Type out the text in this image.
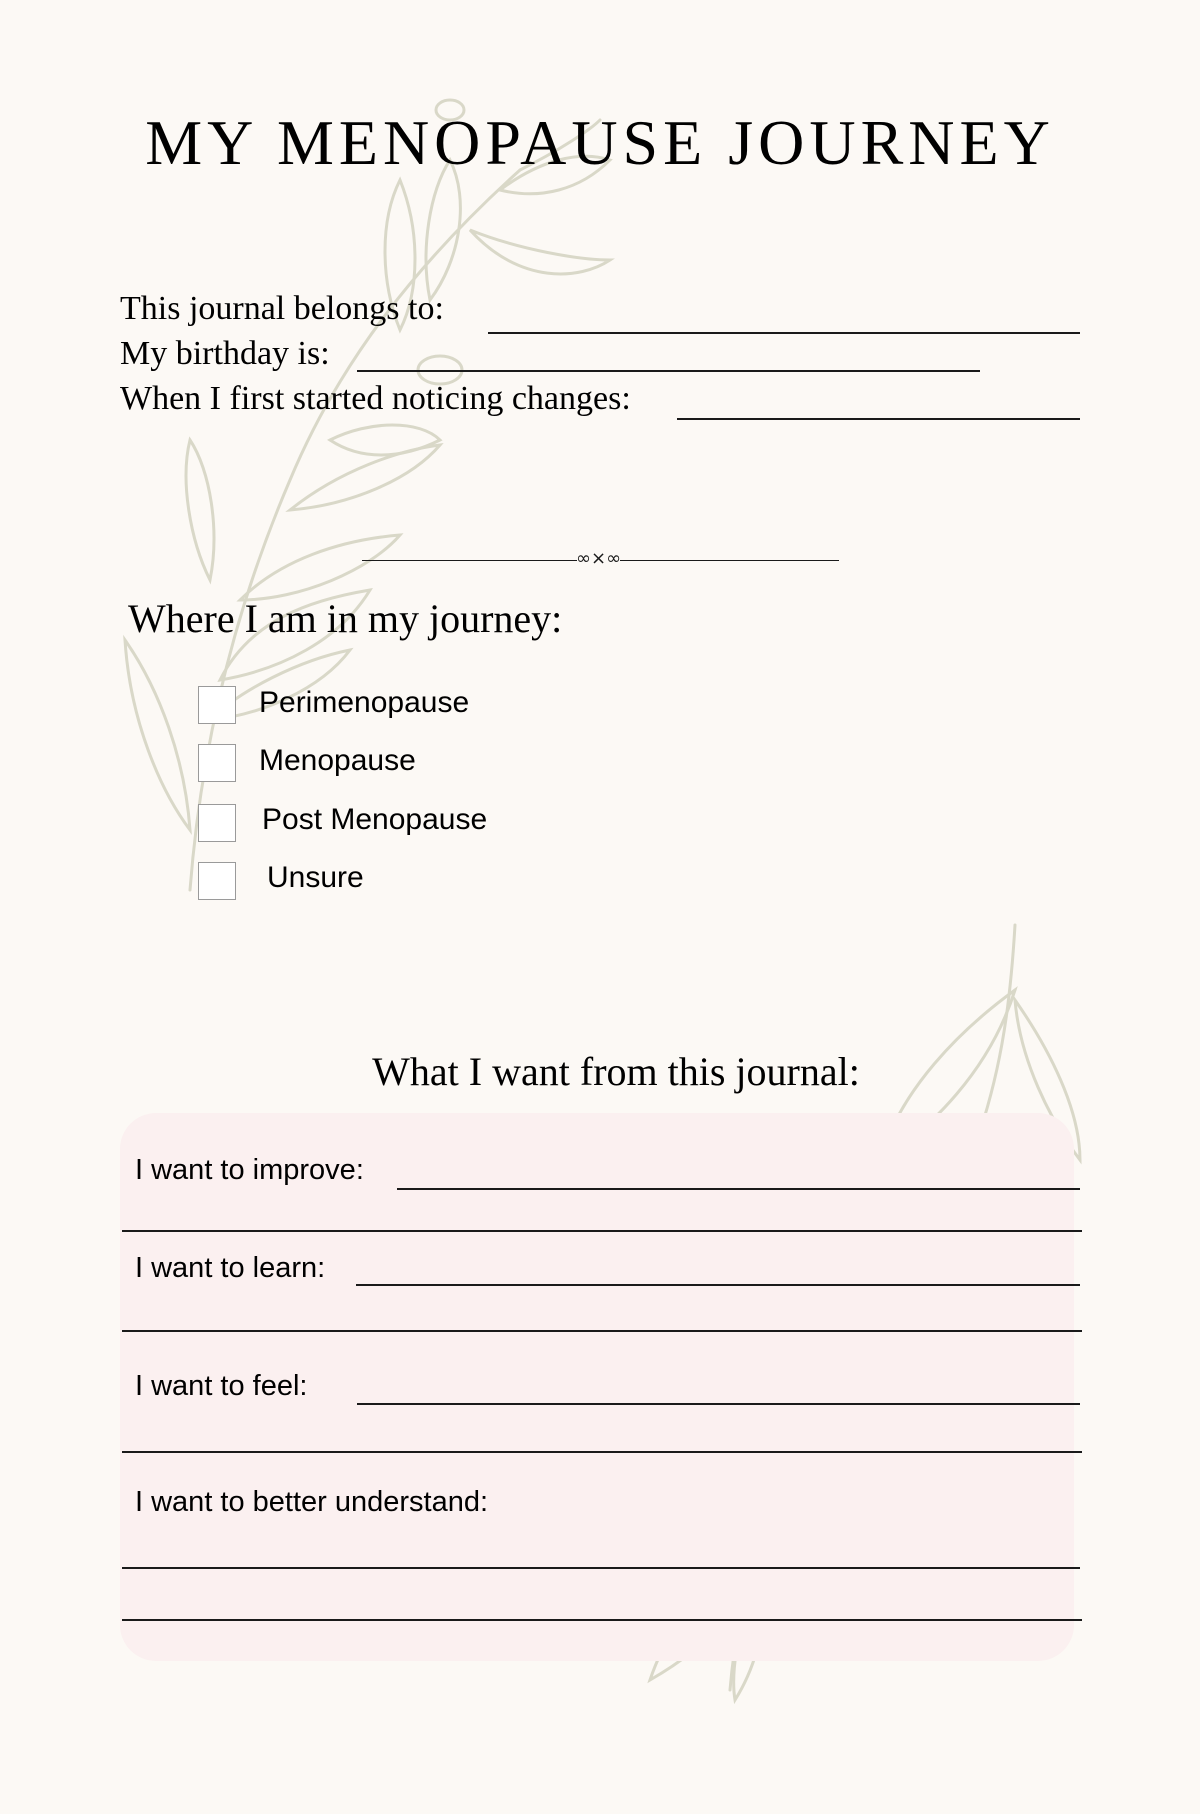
MY MENOPAUSE JOURNEY
This journal belongs to:
My birthday is:
When I first started noticing changes:
∞×∞
Where I am in my journey:
Perimenopause
Menopause
Post Menopause
Unsure
What I want from this journal:
I want to improve:
I want to learn:
I want to feel:
I want to better understand:
